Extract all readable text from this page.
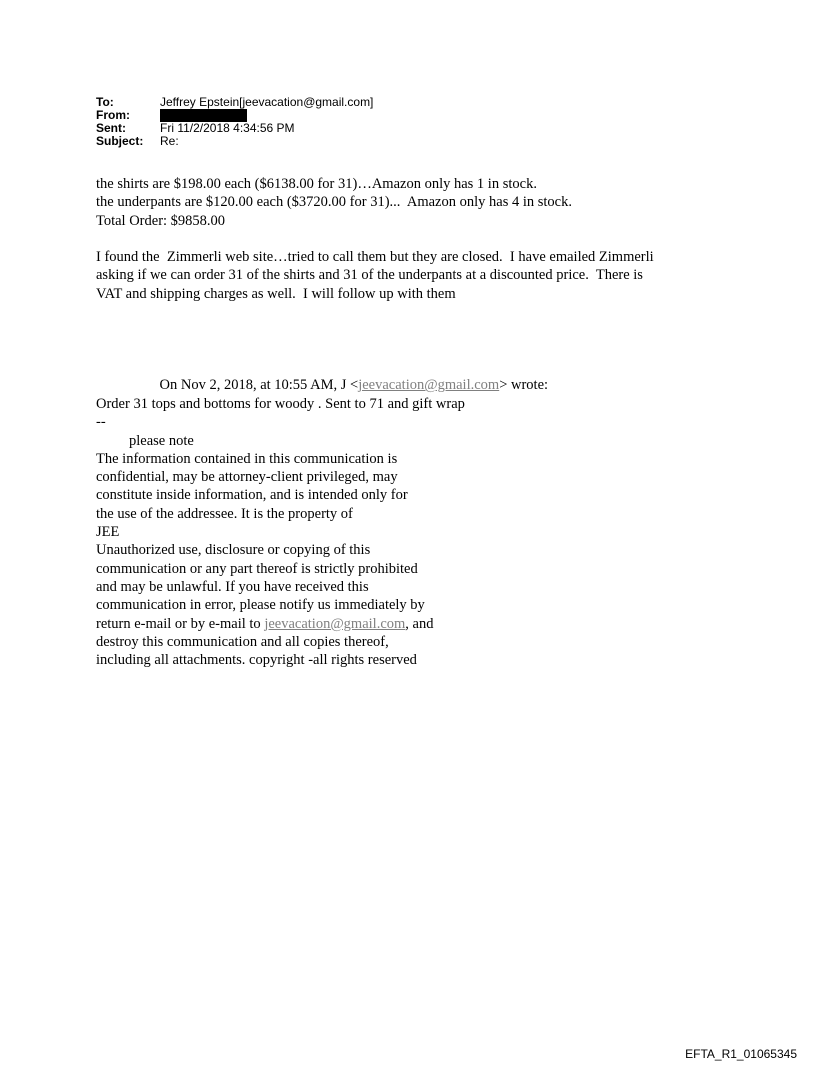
To:	Jeffrey Epstein[jeevacation@gmail.com]
From:
Sent:	Fri 11/2/2018 4:34:56 PM
Subject:	Re:
the shirts are $198.00 each ($6138.00 for 31)…Amazon only has 1 in stock.
the underpants are $120.00 each ($3720.00 for 31)...  Amazon only has 4 in stock.
Total Order: $9858.00
I found the  Zimmerli web site…tried to call them but they are closed.  I have emailed Zimmerli
asking if we can order 31 of the shirts and 31 of the underpants at a discounted price.  There is
VAT and shipping charges as well.  I will follow up with them

On Nov 2, 2018, at 10:55 AM, J <jeevacation@gmail.com> wrote:

Order 31 tops and bottoms for woody . Sent to 71 and gift wrap
--
please note
The information contained in this communication is
confidential, may be attorney-client privileged, may
constitute inside information, and is intended only for
the use of the addressee. It is the property of
JEE
Unauthorized use, disclosure or copying of this
communication or any part thereof is strictly prohibited
and may be unlawful. If you have received this
communication in error, please notify us immediately by
return e-mail or by e-mail to jeevacation@gmail.com, and
destroy this communication and all copies thereof,
including all attachments. copyright -all rights reserved
EFTA_R1_01065345
